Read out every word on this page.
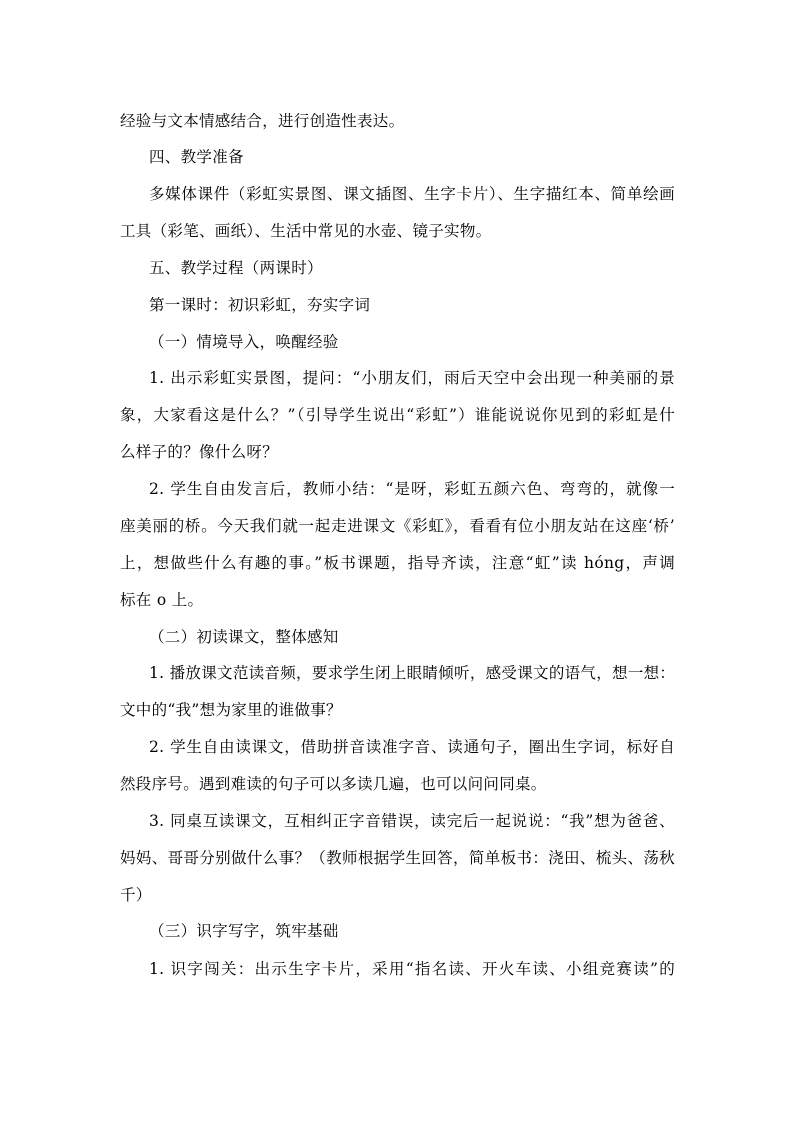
经验与文本情感结合，进行创造性表达。
四、教学准备
多媒体课件（彩虹实景图、课文插图、生字卡片）、生字描红本、简单绘画
工具（彩笔、画纸）、生活中常见的水壶、镜子实物。
五、教学过程（两课时）
第一课时：初识彩虹，夯实字词
（一）情境导入，唤醒经验
1. 出示彩虹实景图，提问：“小朋友们，雨后天空中会出现一种美丽的景
象，大家看这是什么？”（引导学生说出“彩虹”）谁能说说你见到的彩虹是什
么样子的？像什么呀？
2. 学生自由发言后，教师小结：“是呀，彩虹五颜六色、弯弯的，就像一
座美丽的桥。今天我们就一起走进课文《彩虹》，看看有位小朋友站在这座‘桥’
上，想做些什么有趣的事。”板书课题，指导齐读，注意“虹”读 hóng，声调
标在 o 上。
（二）初读课文，整体感知
1. 播放课文范读音频，要求学生闭上眼睛倾听，感受课文的语气，想一想：
文中的“我”想为家里的谁做事？
2. 学生自由读课文，借助拼音读准字音、读通句子，圈出生字词，标好自
然段序号。遇到难读的句子可以多读几遍，也可以问问同桌。
3. 同桌互读课文，互相纠正字音错误，读完后一起说说：“我”想为爸爸、
妈妈、哥哥分别做什么事？（教师根据学生回答，简单板书：浇田、梳头、荡秋
千）
（三）识字写字，筑牢基础
1. 识字闯关：出示生字卡片，采用“指名读、开火车读、小组竞赛读”的
